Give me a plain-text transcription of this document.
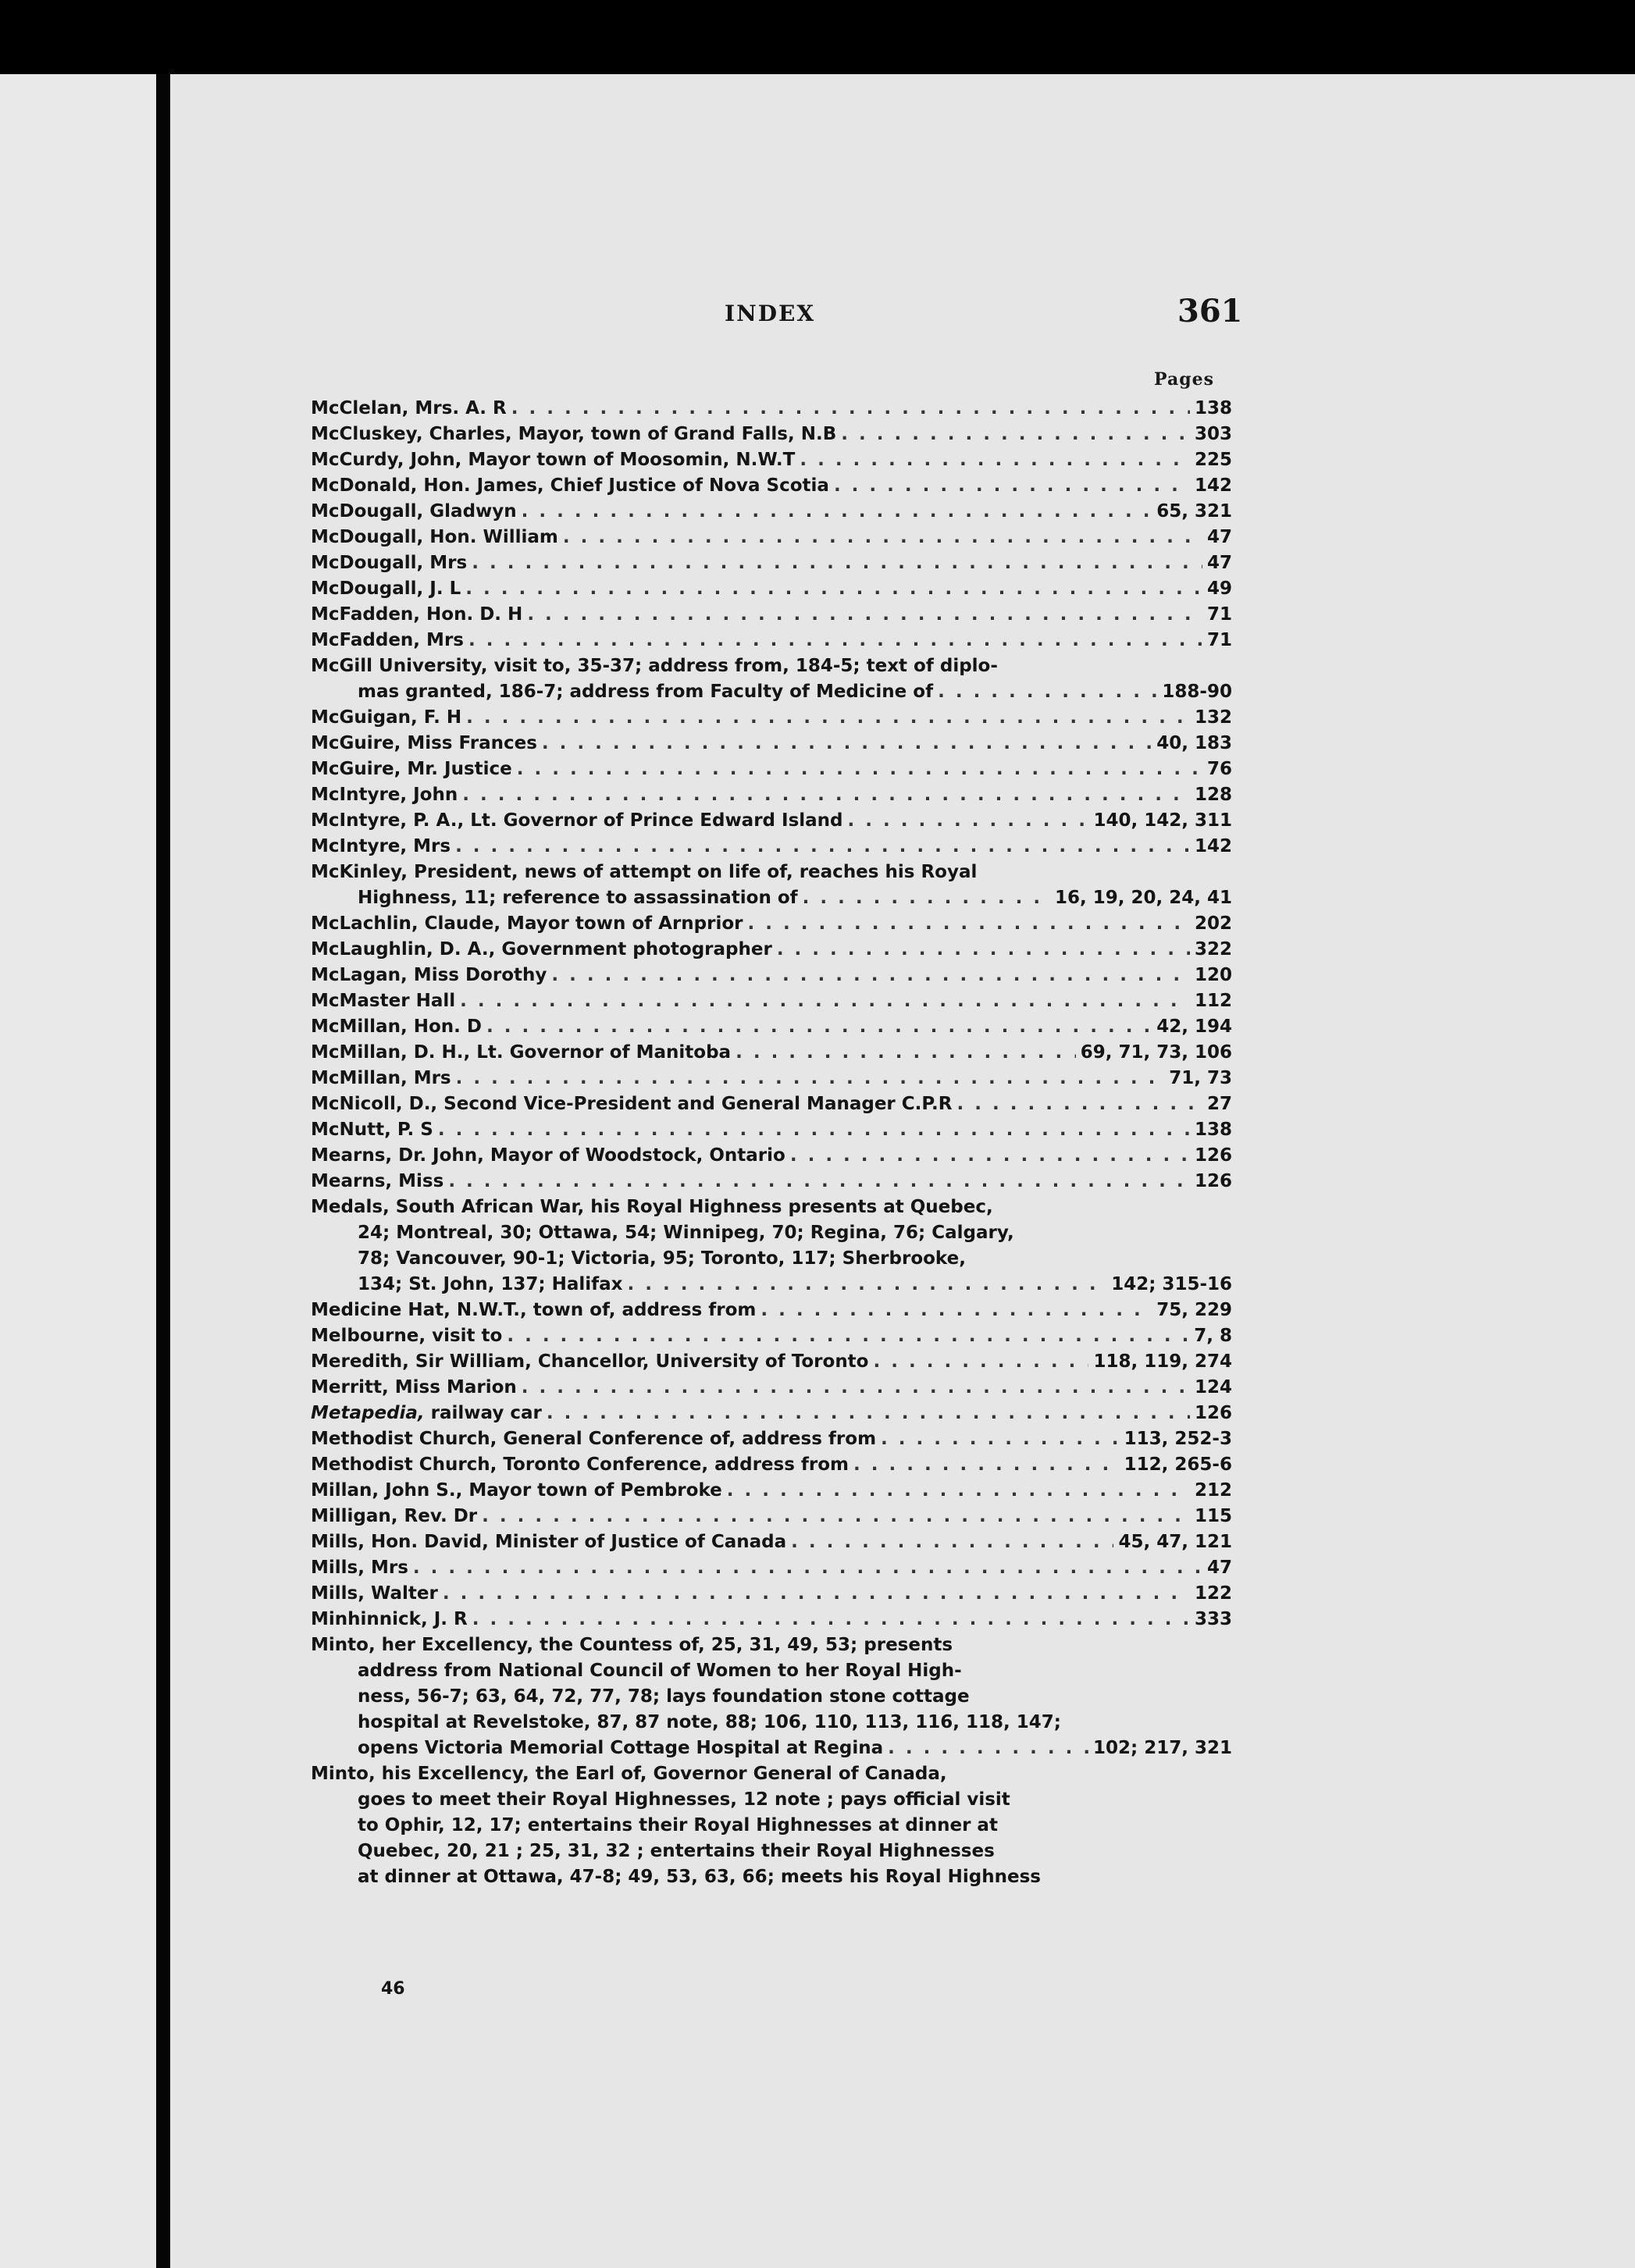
INDEX	361
Pages
McClelan, Mrs. A. R . . .	138
McCluskey, Charles, Mayor, town of Grand Falls, N.B . . .	303
McCurdy, John, Mayor town of Moosomin, N.W.T . . .	225
McDonald, Hon. James, Chief Justice of Nova Scotia . . .	142
McDougall, Gladwyn . . .	65, 321
McDougall, Hon. William . . .	47
McDougall, Mrs . . .	47
McDougall, J. L . . .	49
McFadden, Hon. D. H . . .	71
McFadden, Mrs . . .	71
McGill University, visit to, 35-37; address from, 184-5; text of diplo-
mas granted, 186-7; address from Faculty of Medicine of . . .	188-90
McGuigan, F. H . . .	132
McGuire, Miss Frances . . .	40, 183
McGuire, Mr. Justice . . .	76
McIntyre, John . . .	128
McIntyre, P. A., Lt. Governor of Prince Edward Island . . .	140, 142, 311
McIntyre, Mrs . . .	142
McKinley, President, news of attempt on life of, reaches his Royal
Highness, 11; reference to assassination of . . .	16, 19, 20, 24, 41
McLachlin, Claude, Mayor town of Arnprior . . .	202
McLaughlin, D. A., Government photographer . . .	322
McLagan, Miss Dorothy . . .	120
McMaster Hall . . .	112
McMillan, Hon. D . . .	42, 194
McMillan, D. H., Lt. Governor of Manitoba . . .	69, 71, 73, 106
McMillan, Mrs . . .	71, 73
McNicoll, D., Second Vice-President and General Manager C.P.R . . .	27
McNutt, P. S . . .	138
Mearns, Dr. John, Mayor of Woodstock, Ontario . . .	126
Mearns, Miss . . .	126
Medals, South African War, his Royal Highness presents at Quebec,
24; Montreal, 30; Ottawa, 54; Winnipeg, 70; Regina, 76; Calgary,
78; Vancouver, 90-1; Victoria, 95; Toronto, 117; Sherbrooke,
134; St. John, 137; Halifax . . .	142; 315-16
Medicine Hat, N.W.T., town of, address from . . .	75, 229
Melbourne, visit to . . .	7, 8
Meredith, Sir William, Chancellor, University of Toronto . . .	118, 119, 274
Merritt, Miss Marion . . .	124
Metapedia, railway car . . .	126
Methodist Church, General Conference of, address from . . .	113, 252-3
Methodist Church, Toronto Conference, address from . . .	112, 265-6
Millan, John S., Mayor town of Pembroke . . .	212
Milligan, Rev. Dr . . .	115
Mills, Hon. David, Minister of Justice of Canada . . .	45, 47, 121
Mills, Mrs . . .	47
Mills, Walter . . .	122
Minhinnick, J. R . . .	333
Minto, her Excellency, the Countess of, 25, 31, 49, 53; presents
address from National Council of Women to her Royal High-
ness, 56-7; 63, 64, 72, 77, 78; lays foundation stone cottage
hospital at Revelstoke, 87, 87 note, 88; 106, 110, 113, 116, 118, 147;
opens Victoria Memorial Cottage Hospital at Regina . . .	102; 217, 321
Minto, his Excellency, the Earl of, Governor General of Canada,
goes to meet their Royal Highnesses, 12 note ; pays official visit
to Ophir, 12, 17; entertains their Royal Highnesses at dinner at
Quebec, 20, 21 ; 25, 31, 32 ; entertains their Royal Highnesses
at dinner at Ottawa, 47-8; 49, 53, 63, 66; meets his Royal Highness
46
